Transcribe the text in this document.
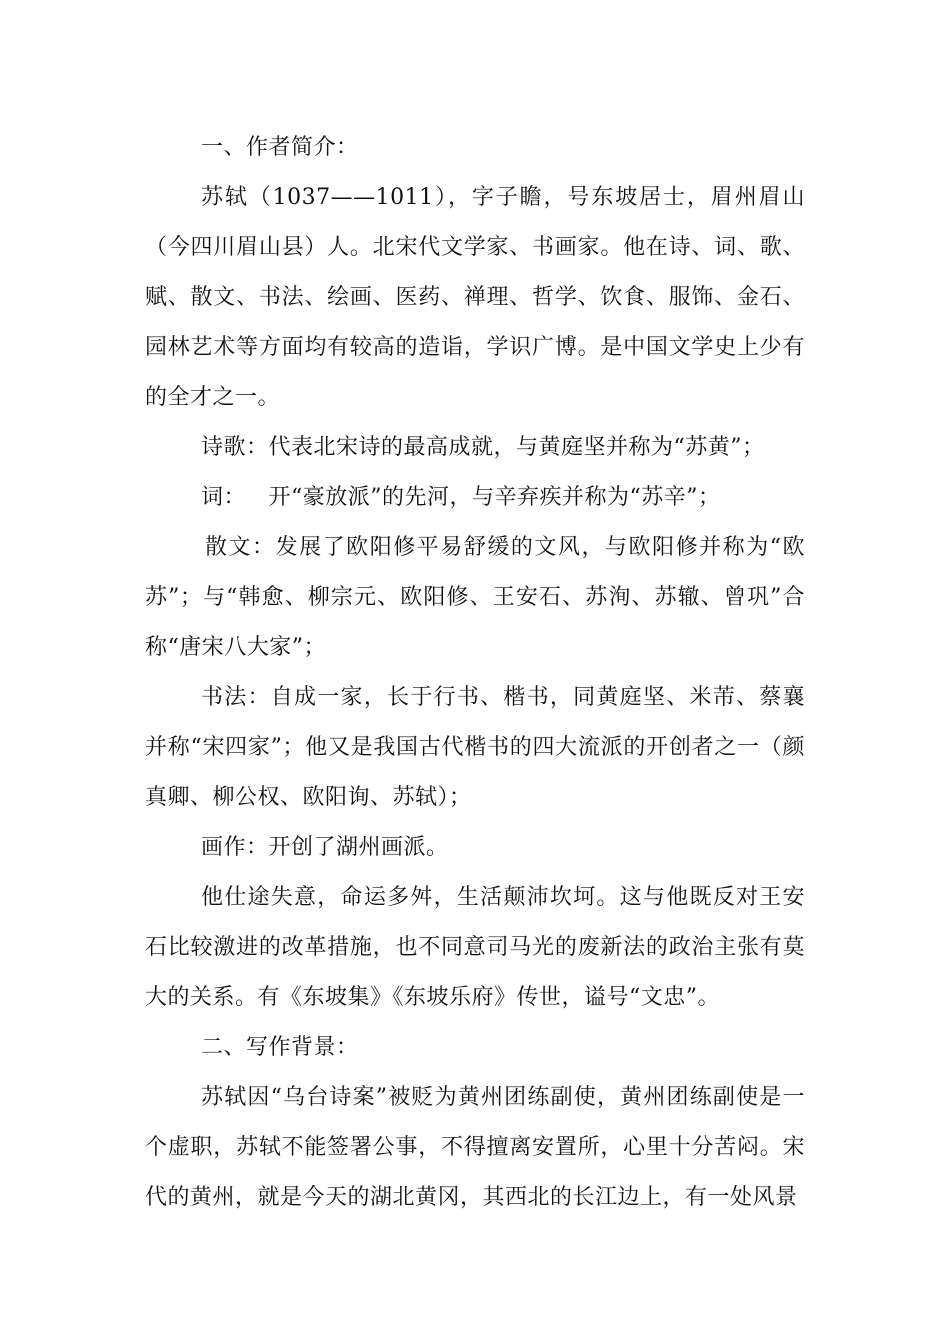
一、作者简介：

苏轼（1037——1011），字子瞻，号东坡居士，眉州眉山（今四川眉山县）人。北宋代文学家、书画家。他在诗、词、歌、赋、散文、书法、绘画、医药、禅理、哲学、饮食、服饰、金石、园林艺术等方面均有较高的造诣，学识广博。是中国文学史上少有的全才之一。

诗歌：代表北宋诗的最高成就，与黄庭坚并称为“苏黄”；

词：   开“豪放派”的先河，与辛弃疾并称为“苏辛”；

散文：发展了欧阳修平易舒缓的文风，与欧阳修并称为“欧苏”；与“韩愈、柳宗元、欧阳修、王安石、苏洵、苏辙、曾巩”合称“唐宋八大家”；

书法：自成一家，长于行书、楷书，同黄庭坚、米芾、蔡襄并称“宋四家”；他又是我国古代楷书的四大流派的开创者之一（颜真卿、柳公权、欧阳询、苏轼）；

画作：开创了湖州画派。

他仕途失意，命运多舛，生活颠沛坎坷。这与他既反对王安石比较激进的改革措施，也不同意司马光的废新法的政治主张有莫大的关系。有《东坡集》《东坡乐府》传世，谥号“文忠”。

二、写作背景：

苏轼因“乌台诗案”被贬为黄州团练副使，黄州团练副使是一个虚职，苏轼不能签署公事，不得擅离安置所，心里十分苦闷。宋代的黄州，就是今天的湖北黄冈，其西北的长江边上，有一处风景
